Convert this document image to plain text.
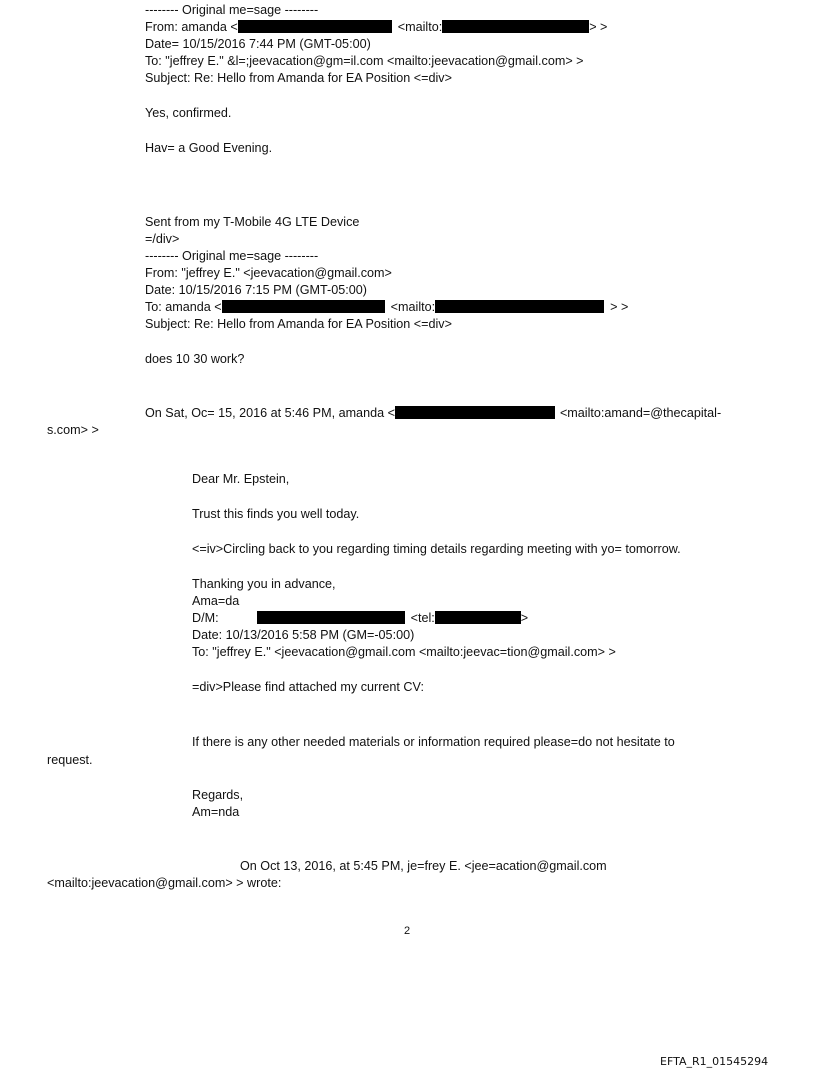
-------- Original me=sage --------
From: amanda <	<mailto:	> >
Date= 10/15/2016 7:44 PM (GMT-05:00)
To: "jeffrey E." &l=;jeevacation@gm=il.com <mailto:jeevacation@gmail.com> >
Subject: Re: Hello from Amanda for EA Position <=div>
Yes, confirmed.
Hav= a Good Evening.
Sent from my T-Mobile 4G LTE Device
=/div>
-------- Original me=sage --------
From: "jeffrey E." <jeevacation@gmail.com>
Date: 10/15/2016 7:15 PM (GMT-05:00)
To: amanda <	<mailto:	> >
Subject: Re: Hello from Amanda for EA Position <=div>
does 10 30 work?
On Sat, Oc= 15, 2016 at 5:46 PM, amanda <	<mailto:amand=@thecapital-
s.com> >
Dear Mr. Epstein,
Trust this finds you well today.
<=iv>Circling back to you regarding timing details regarding meeting with yo= tomorrow.
Thanking you in advance,
Ama=da
D/M:	<tel:	>
Date: 10/13/2016 5:58 PM (GM=-05:00)
To: "jeffrey E." <jeevacation@gmail.com <mailto:jeevac=tion@gmail.com> >
=div>Please find attached my current CV:
If there is any other needed materials or information required please=do not hesitate to
request.
Regards,
Am=nda
On Oct 13, 2016, at 5:45 PM, je=frey E. <jee=acation@gmail.com
<mailto:jeevacation@gmail.com> > wrote:
2
EFTA_R1_01545294
